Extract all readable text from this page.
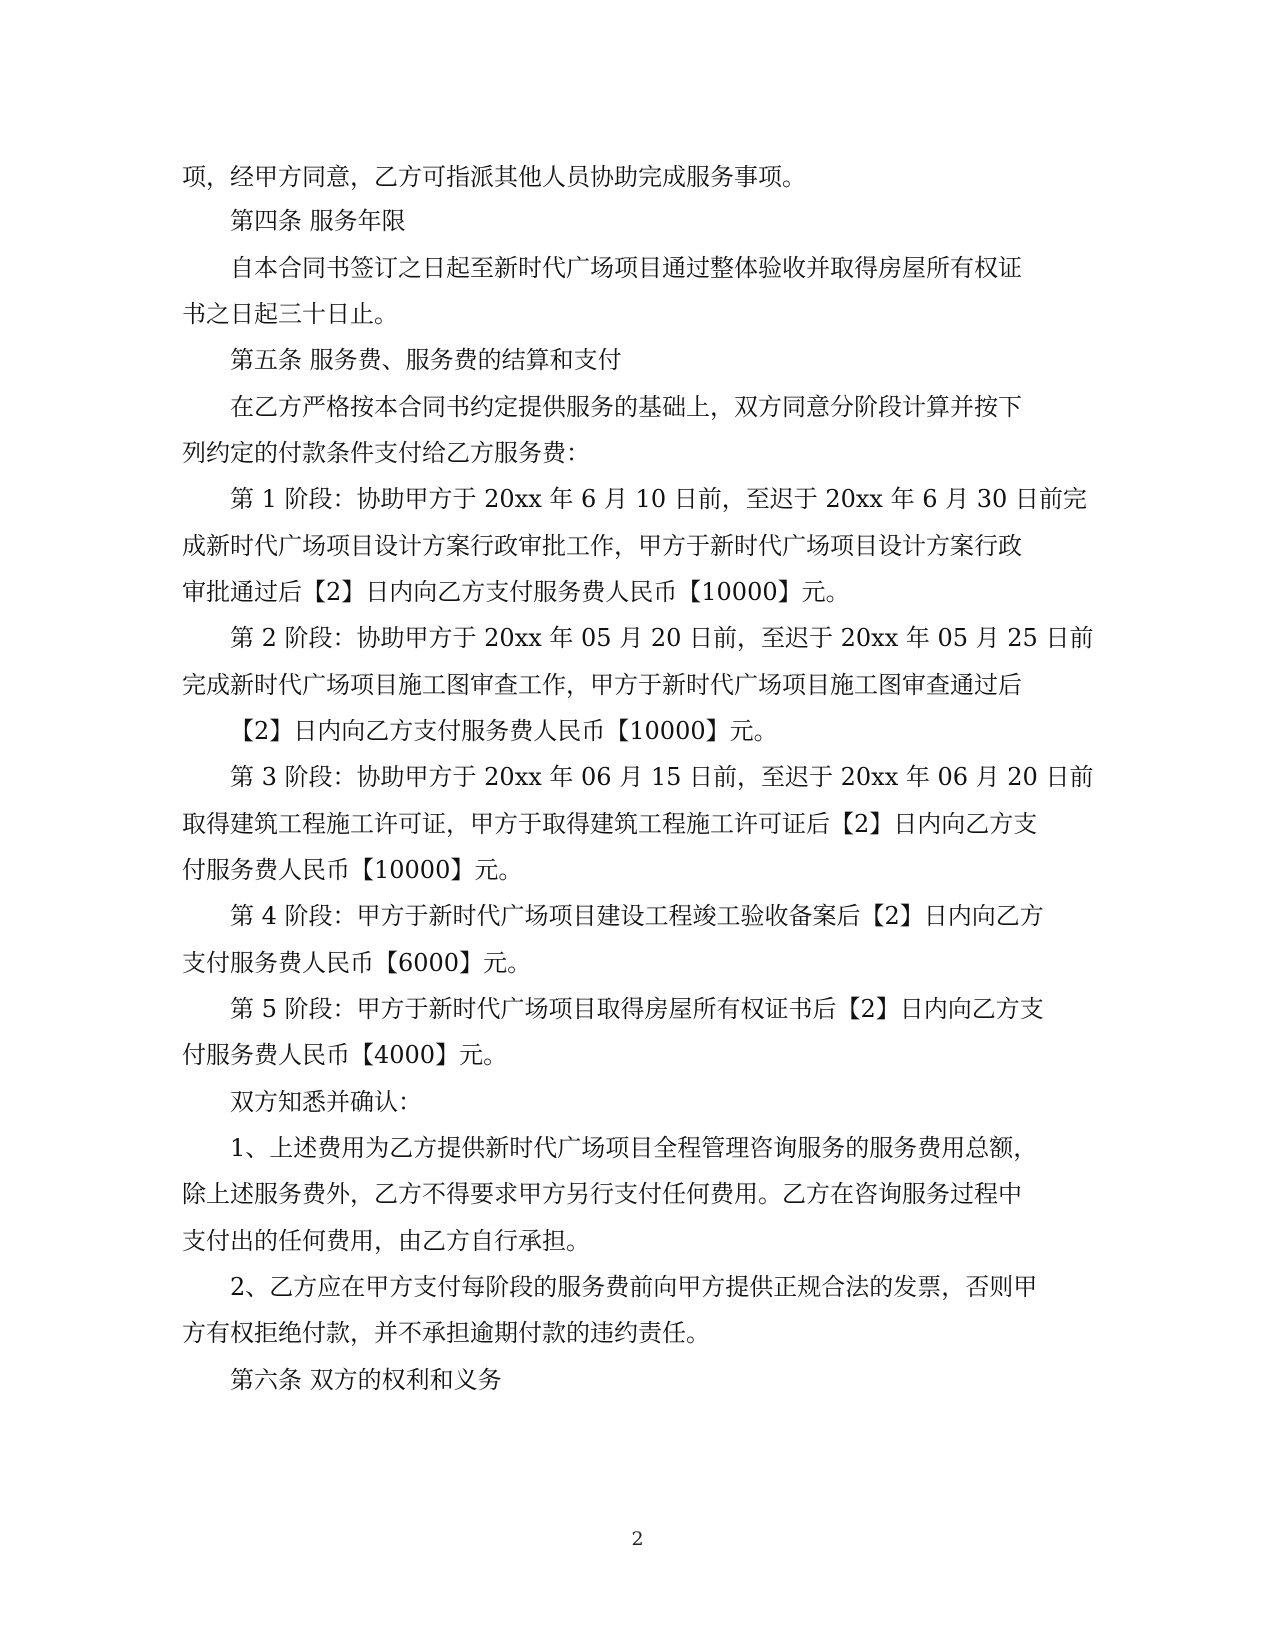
项，经甲方同意，乙方可指派其他人员协助完成服务事项。
第四条 服务年限
自本合同书签订之日起至新时代广场项目通过整体验收并取得房屋所有权证
书之日起三十日止。
第五条 服务费、服务费的结算和支付
在乙方严格按本合同书约定提供服务的基础上，双方同意分阶段计算并按下
列约定的付款条件支付给乙方服务费：
第 1 阶段：协助甲方于 20xx 年 6 月 10 日前，至迟于 20xx 年 6 月 30 日前完
成新时代广场项目设计方案行政审批工作，甲方于新时代广场项目设计方案行政
审批通过后【2】日内向乙方支付服务费人民币【10000】元。
第 2 阶段：协助甲方于 20xx 年 05 月 20 日前，至迟于 20xx 年 05 月 25 日前
完成新时代广场项目施工图审查工作，甲方于新时代广场项目施工图审查通过后
【2】日内向乙方支付服务费人民币【10000】元。
第 3 阶段：协助甲方于 20xx 年 06 月 15 日前，至迟于 20xx 年 06 月 20 日前
取得建筑工程施工许可证，甲方于取得建筑工程施工许可证后【2】日内向乙方支
付服务费人民币【10000】元。
第 4 阶段：甲方于新时代广场项目建设工程竣工验收备案后【2】日内向乙方
支付服务费人民币【6000】元。
第 5 阶段：甲方于新时代广场项目取得房屋所有权证书后【2】日内向乙方支
付服务费人民币【4000】元。
双方知悉并确认：
1、上述费用为乙方提供新时代广场项目全程管理咨询服务的服务费用总额，
除上述服务费外，乙方不得要求甲方另行支付任何费用。乙方在咨询服务过程中
支付出的任何费用，由乙方自行承担。
2、乙方应在甲方支付每阶段的服务费前向甲方提供正规合法的发票，否则甲
方有权拒绝付款，并不承担逾期付款的违约责任。
第六条 双方的权利和义务
2
